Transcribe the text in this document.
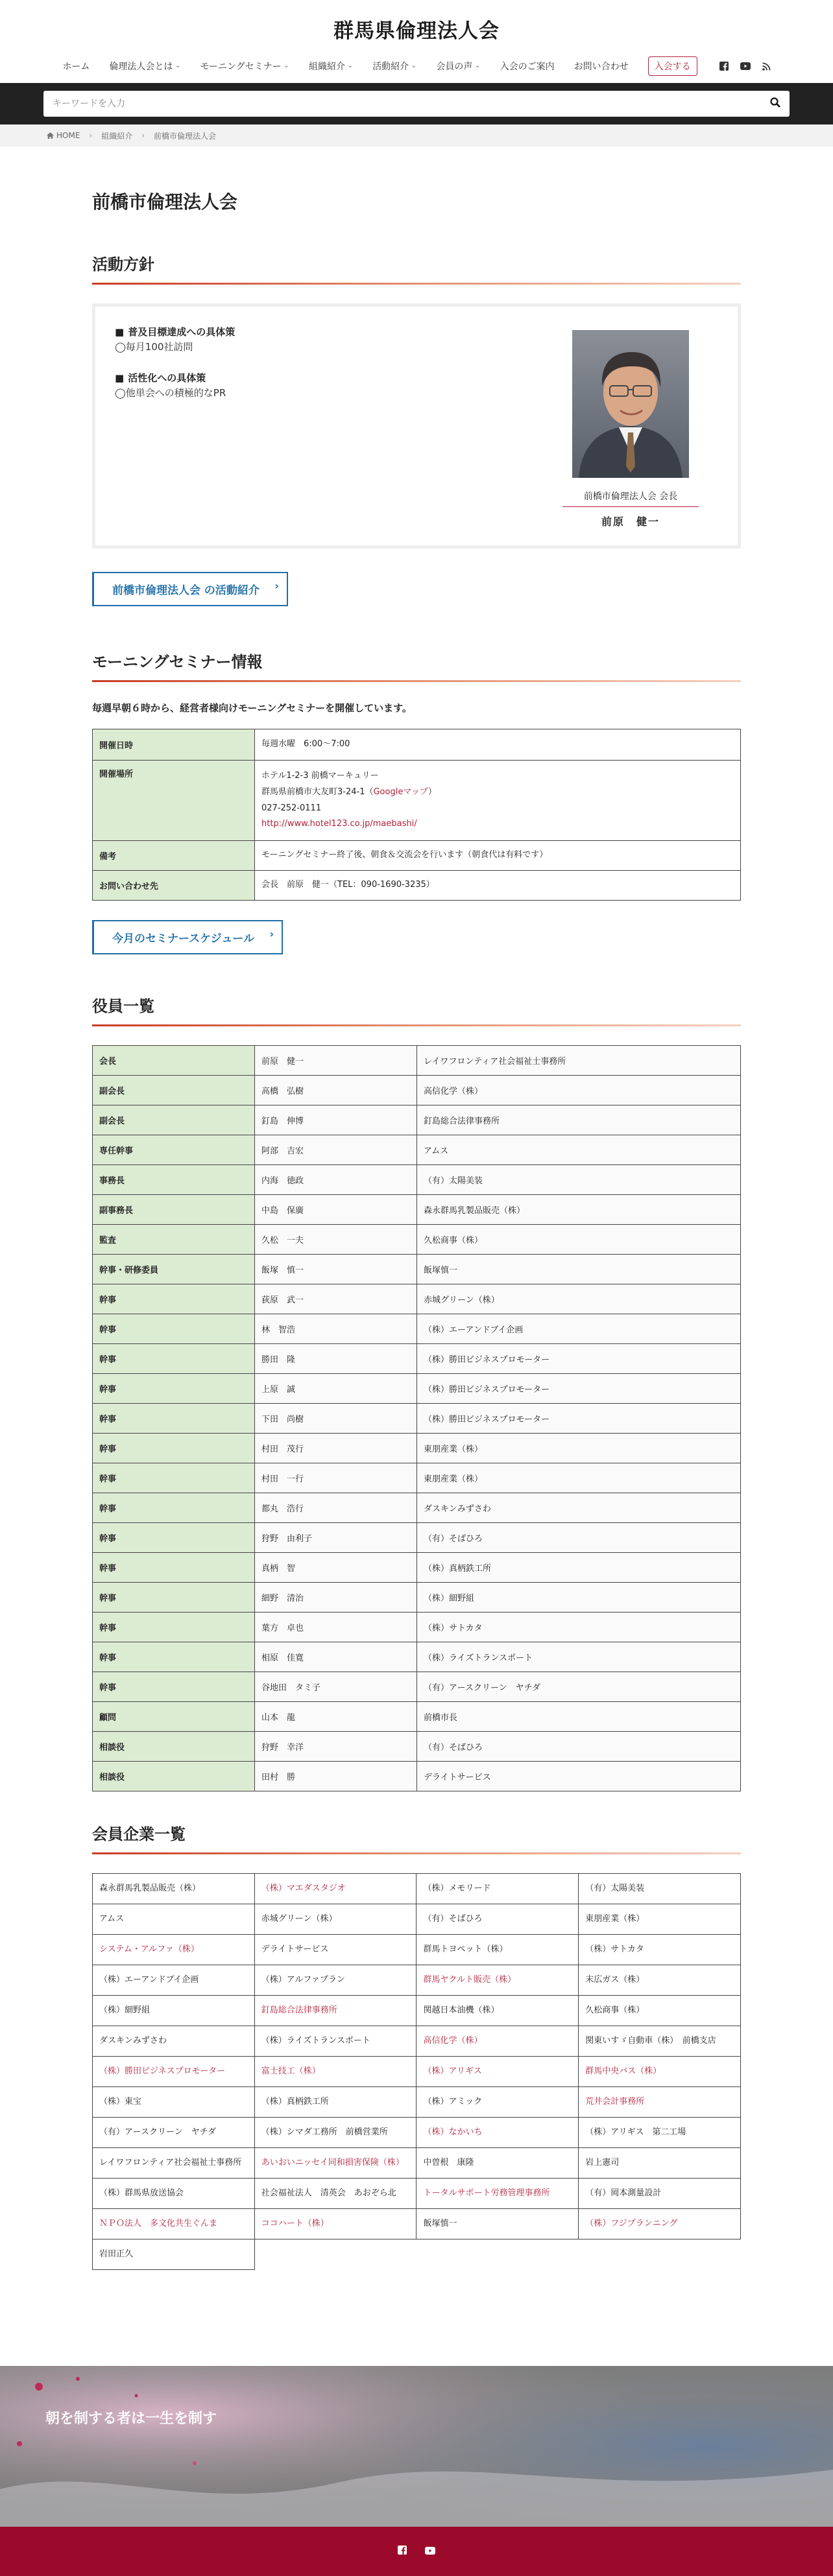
群馬県倫理法人会
ホーム 倫理法人会とは ⌄	モーニングセミナー ⌄	組織紹介 ⌄	活動紹介 ⌄	会員の声 ⌄	入会のご案内 お問い合わせ	入会する
キーワードを入力
HOME › 組織紹介 › 前橋市倫理法人会
前橋市倫理法人会
活動方針
■ 普及目標達成への具体策
◯ 毎月100社訪問
■ 活性化への具体策
◯ 他単会への積極的なPR
前橋市倫理法人会 会長
前原　健一
前橋市倫理法人会 の活動紹介 ›
モーニングセミナー情報

毎週早朝６時から、経営者様向けモーニングセミナーを開催しています。

開催日時	毎週水曜　6:00〜7:00
開催場所	ホテル1-2-3 前橋マーキュリー
群馬県前橋市大友町3-24-1（Googleマップ）
027-252-0111
http://www.hotel123.co.jp/maebashi/
備考	モーニングセミナー終了後、朝食＆交流会を行います（朝食代は有料です）
お問い合わせ先	会長　前原　健一（TEL：090-1690-3235）
今月のセミナースケジュール ›
役員一覧
会長	前原　健一	レイワフロンティア社会福祉士事務所
副会長	高橋　弘樹	高信化学（株）
副会長	釘島　伸博	釘島総合法律事務所
専任幹事	阿部　吉宏	アムス
事務長	内海　徳政	（有）太陽美装
副事務長	中島　保廣	森永群馬乳製品販売（株）
監査	久松　一夫	久松商事（株）
幹事・研修委員	飯塚　慎一	飯塚慎一
幹事	荻原　武一	赤城グリーン（株）
幹事	林　智浩	（株）エーアンドブイ企画
幹事	勝田　隆	（株）勝田ビジネスプロモーター
幹事	上原　誠	（株）勝田ビジネスプロモーター
幹事	下田　尚樹	（株）勝田ビジネスプロモーター
幹事	村田　茂行	東朋産業（株）
幹事	村田　一行	東朋産業（株）
幹事	都丸　浩行	ダスキンみずさわ
幹事	狩野　由利子	（有）そばひろ
幹事	真柄　智	（株）真柄鉄工所
幹事	細野　清治	（株）細野組
幹事	葉方　卓也	（株）サトカタ
幹事	相原　佳寛	（株）ライズトランスポート
幹事	谷地田　タミ子	（有）アースクリーン　ヤチダ
顧問	山本　龍	前橋市長
相談役	狩野　幸洋	（有）そばひろ
相談役	田村　勝	デライトサービス
会員企業一覧
森永群馬乳製品販売（株）	（株）マエダスタジオ	（株）メモリード	（有）太陽美装
アムス	赤城グリーン（株）	（有）そばひろ	東朋産業（株）
システム・アルファ（株）	デライトサービス	群馬トヨペット（株）	（株）サトカタ
（株）エーアンドブイ企画	（株）アルファプラン	群馬ヤクルト販売（株）	末広ガス（株）
（株）細野組	釘島総合法律事務所	関越日本油機（株）	久松商事（株）
ダスキンみずさわ	（株）ライズトランスポート	高信化学（株）	関東いすゞ自動車（株）　前橋支店
（株）勝田ビジネスプロモーター	富士技工（株）	（株）アリギス	群馬中央バス（株）
（株）東宝	（株）真柄鉄工所	（株）アミック	荒井会計事務所
（有）アースクリーン　ヤチダ	（株）シマダ工務所　前橋営業所	（株）なかいち	（株）アリギス　第二工場
レイワフロンティア社会福祉士事務所	あいおいニッセイ同和損害保険（株）	中曽根　康隆	岩上憲司
（株）群馬県放送協会	社会福祉法人　清英会　あおぞら北	トータルサポート労務管理事務所	（有）岡本測量設計
ＮＰＯ法人　多文化共生ぐんま	ココハート（株）	飯塚慎一	（株）フジプランニング
岩田正久			
朝を制する者は一生を制す
